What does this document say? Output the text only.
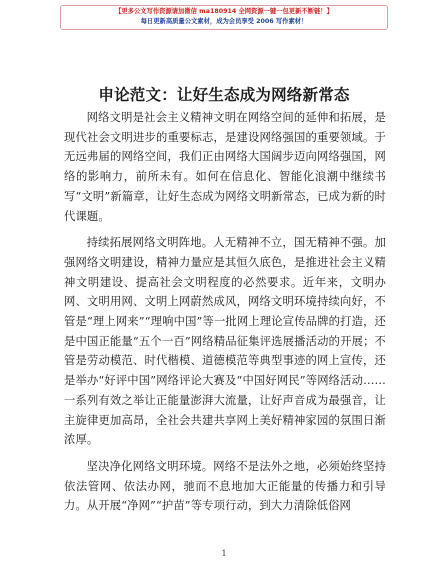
【更多公文写作资源请加微信 ma180914 全网资源一键一包更新不断链！】
每日更新高质量公文素材，成为会员享受 2006 写作素材！
申论范文：让好生态成为网络新常态

网络文明是社会主义精神文明在网络空间的延伸和拓展，是现代社会文明进步的重要标志，是建设网络强国的重要领域。于无远弗届的网络空间，我们正由网络大国阔步迈向网络强国，网络的影响力，前所未有。如何在信息化、智能化浪潮中继续书写“文明”新篇章，让好生态成为网络文明新常态，已成为新的时代课题。

持续拓展网络文明阵地。人无精神不立，国无精神不强。加强网络文明建设，精神力量应是其恒久底色，是推进社会主义精神文明建设、提高社会文明程度的必然要求。近年来，文明办网、文明用网、文明上网蔚然成风，网络文明环境持续向好，不管是“理上网来”“理响中国”等一批网上理论宣传品牌的打造，还是中国正能量“五个一百”网络精品征集评选展播活动的开展；不管是劳动模范、时代楷模、道德模范等典型事迹的网上宣传，还是举办“好评中国”网络评论大赛及“中国好网民”等网络活动……一系列有效之举让正能量澎湃大流量，让好声音成为最强音，让主旋律更加高昂，全社会共建共享网上美好精神家园的氛围日渐浓厚。

坚决净化网络文明环境。网络不是法外之地，必须始终坚持依法管网、依法办网，驰而不息地加大正能量的传播力和引导力。从开展“净网”“护苗”等专项行动，到大力清除低俗网

1
